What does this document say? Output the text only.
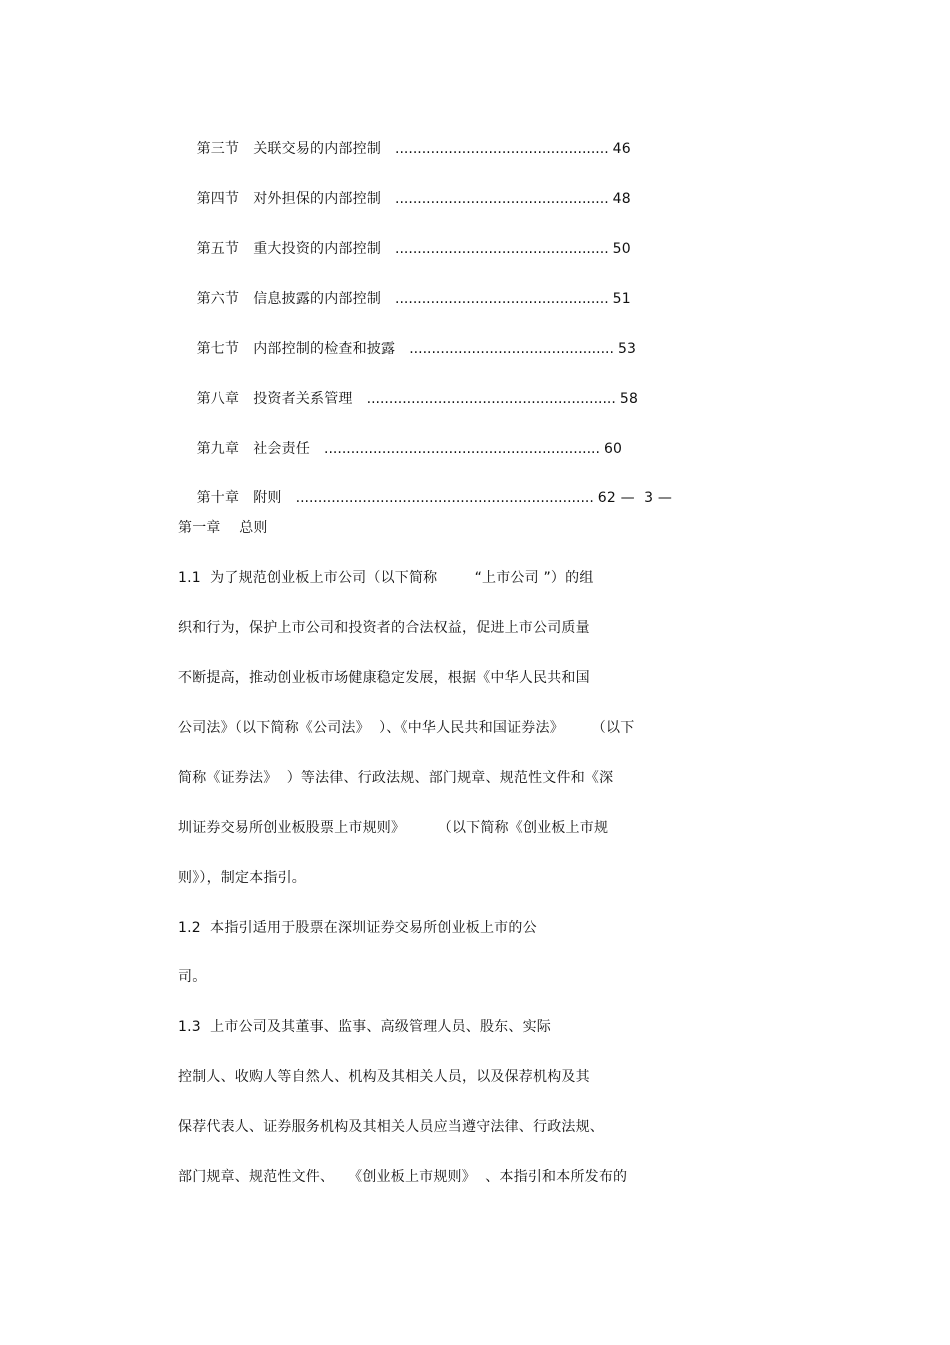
第三节 关联交易的内部控制 ................................................ 46

第四节 对外担保的内部控制 ................................................ 48

第五节 重大投资的内部控制 ................................................ 50

第六节 信息披露的内部控制 ................................................ 51

第七节 内部控制的检查和披露 .............................................. 53

第八章 投资者关系管理 ........................................................ 58

第九章 社会责任 .............................................................. 60

第十章 附则 ................................................................... 62 —  3 —

第一章    总则
1.1  为了规范创业板上市公司（以下简称        “上市公司 ”）的组
织和行为，保护上市公司和投资者的合法权益，促进上市公司质量
不断提高，推动创业板市场健康稳定发展，根据《中华人民共和国
公司法》（以下简称《公司法》  ）、《中华人民共和国证券法》      （以下
简称《证券法》  ）等法律、行政法规、部门规章、规范性文件和《深
圳证券交易所创业板股票上市规则》       （以下简称《创业板上市规
则》），制定本指引。
1.2  本指引适用于股票在深圳证券交易所创业板上市的公
司。
1.3  上市公司及其董事、监事、高级管理人员、股东、实际
控制人、收购人等自然人、机构及其相关人员，以及保荐机构及其
保荐代表人、证券服务机构及其相关人员应当遵守法律、行政法规、
部门规章、规范性文件、   《创业板上市规则》  、本指引和本所发布的
